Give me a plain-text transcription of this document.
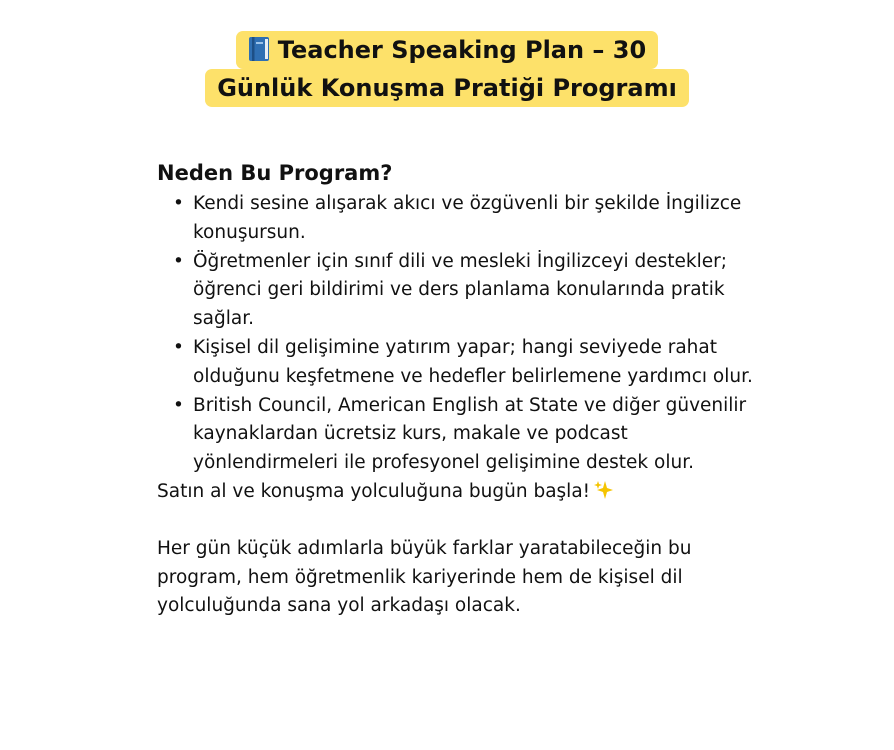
Teacher Speaking Plan – 30
Günlük Konuşma Pratiği Programı
Neden Bu Program?
• Kendi sesine alışarak akıcı ve özgüvenli bir şekilde İngilizce konuşursun.
• Öğretmenler için sınıf dili ve mesleki İngilizceyi destekler; öğrenci geri bildirimi ve ders planlama konularında pratik sağlar.
• Kişisel dil gelişimine yatırım yapar; hangi seviyede rahat olduğunu keşfetmene ve hedefler belirlemene yardımcı olur.
• British Council, American English at State ve diğer güvenilir kaynaklardan ücretsiz kurs, makale ve podcast yönlendirmeleri ile profesyonel gelişimine destek olur.

Satın al ve konuşma yolculuğuna bugün başla!

Her gün küçük adımlarla büyük farklar yaratabileceğin bu program, hem öğretmenlik kariyerinde hem de kişisel dil yolculuğunda sana yol arkadaşı olacak.
